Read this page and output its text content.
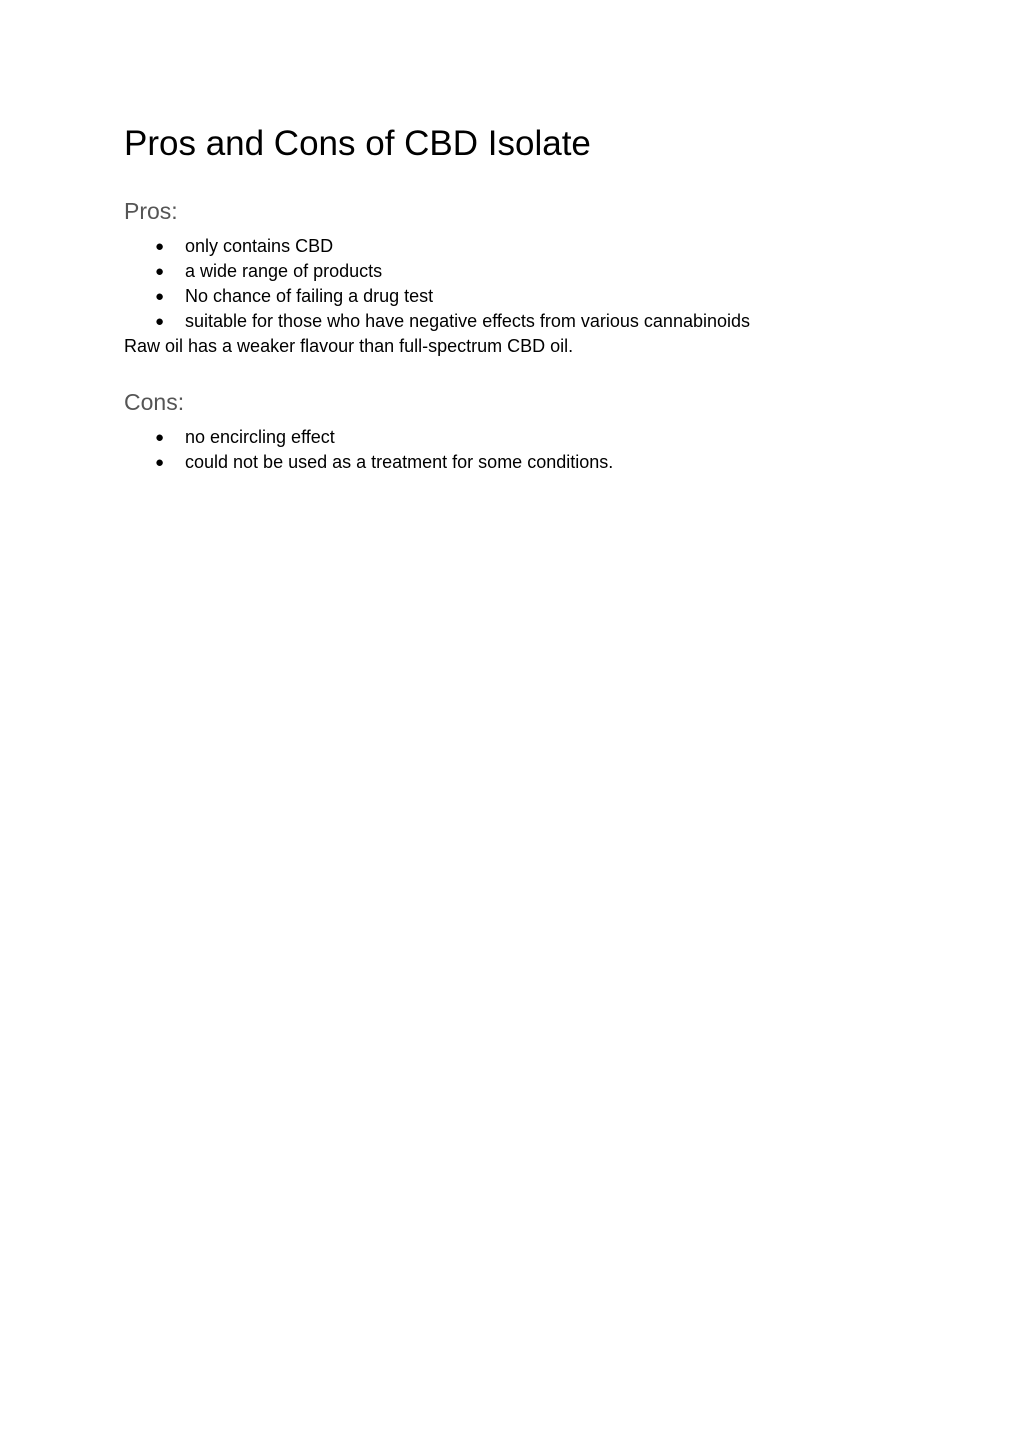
Pros and Cons of CBD Isolate
Pros:
● only contains CBD
● a wide range of products
● No chance of failing a drug test
● suitable for those who have negative effects from various cannabinoids

Raw oil has a weaker flavour than full-spectrum CBD oil.

Cons:
● no encircling effect
● could not be used as a treatment for some conditions.
